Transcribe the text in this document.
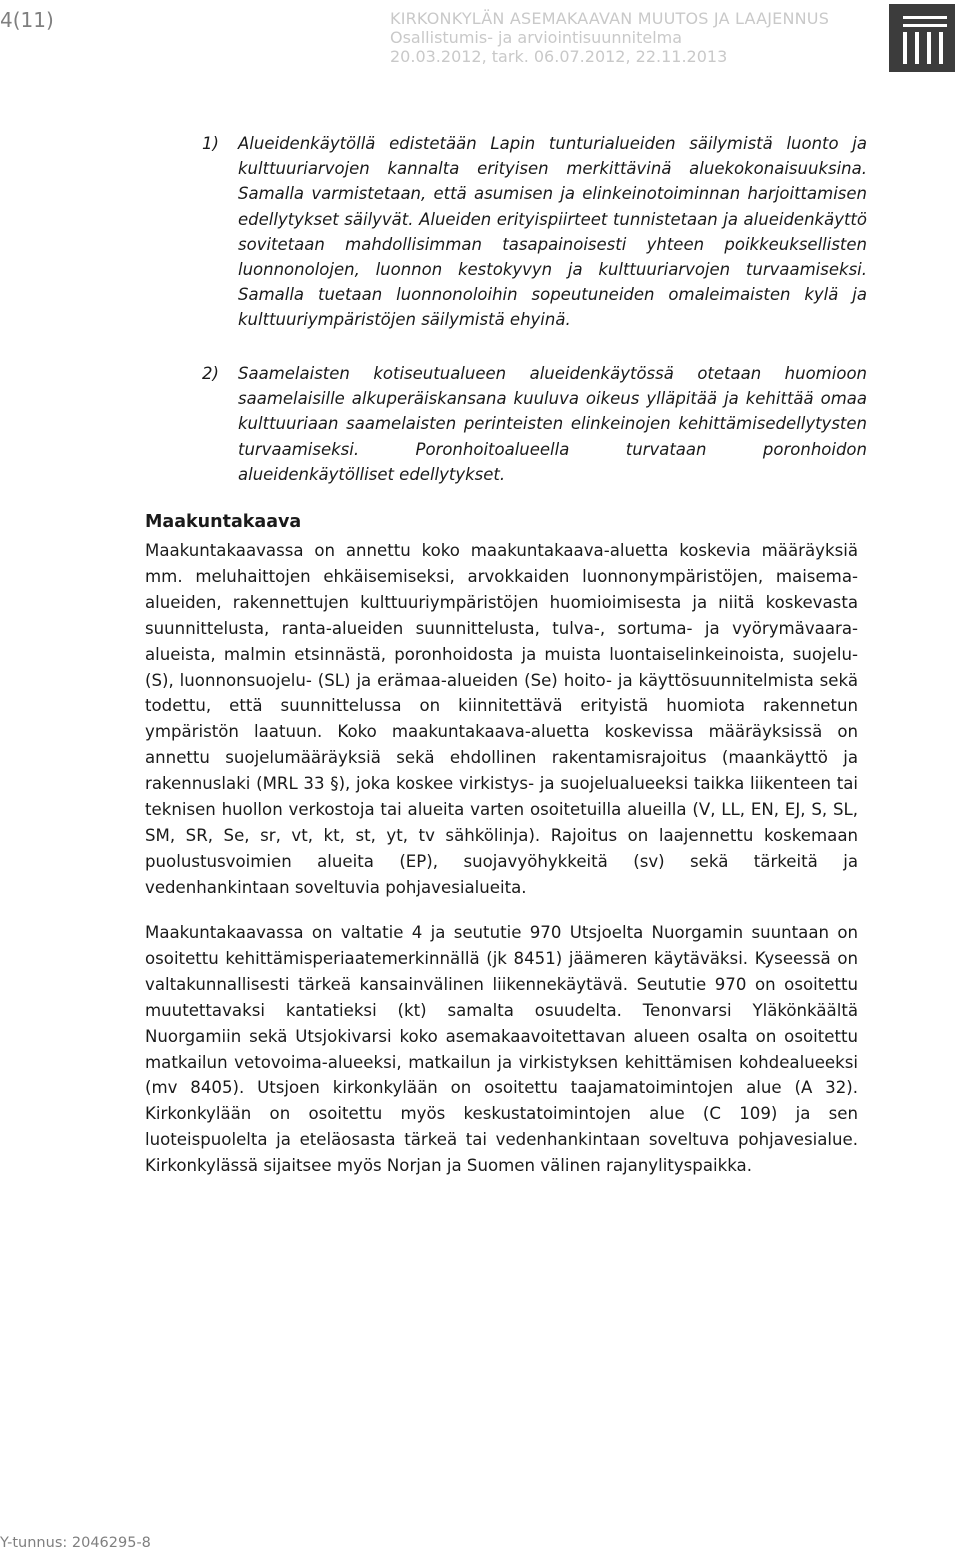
4(11)	KIRKONKYLÄN ASEMAKAAVAN MUUTOS JA LAAJENNUS
Osallistumis- ja arviointisuunnitelma
20.03.2012, tark. 06.07.2012, 22.11.2013
1)	Alueidenkäytöllä edistetään Lapin tunturialueiden säilymistä luonto ja kulttuuriarvojen kannalta erityisen merkittävinä aluekokonaisuuksina. Samalla varmistetaan, että asumisen ja elinkeinotoiminnan harjoittamisen edellytykset säilyvät. Alueiden erityispiirteet tunnistetaan ja alueidenkäyttö sovitetaan mahdollisimman tasapainoisesti yhteen poikkeuksellisten luonnonolojen, luonnon kestokyvyn ja kulttuuriarvojen turvaamiseksi. Samalla tuetaan luonnonoloihin sopeutuneiden omaleimaisten kylä ja kulttuuriympäristöjen säilymistä ehyinä.
2)	Saamelaisten kotiseutualueen alueidenkäytössä otetaan huomioon saamelaisille alkuperäiskansana kuuluva oikeus ylläpitää ja kehittää omaa kulttuuriaan saamelaisten perinteisten elinkeinojen kehittämisedellytysten turvaamiseksi. Poronhoitoalueella turvataan poronhoidon alueidenkäytölliset edellytykset.
Maakuntakaava
Maakuntakaavassa on annettu koko maakuntakaava-aluetta koskevia määräyksiä mm. meluhaittojen ehkäisemiseksi, arvokkaiden luonnonympäristöjen, maisema-alueiden, rakennettujen kulttuuriympäristöjen huomioimisesta ja niitä koskevasta suunnittelusta, ranta-alueiden suunnittelusta, tulva-, sortuma- ja vyörymävaara-alueista, malmin etsinnästä, poronhoidosta ja muista luontaiselinkeinoista, suojelu- (S), luonnonsuojelu- (SL) ja erämaa-alueiden (Se) hoito- ja käyttösuunnitelmista sekä todettu, että suunnittelussa on kiinnitettävä erityistä huomiota rakennetun ympäristön laatuun. Koko maakuntakaava-aluetta koskevissa määräyksissä on annettu suojelumääräyksiä sekä ehdollinen rakentamisrajoitus (maankäyttö ja rakennuslaki (MRL 33 §), joka koskee virkistys- ja suojelualueeksi taikka liikenteen tai teknisen huollon verkostoja tai alueita varten osoitetuilla alueilla (V, LL, EN, EJ, S, SL, SM, SR, Se, sr, vt, kt, st, yt, tv sähkölinja). Rajoitus on laajennettu koskemaan puolustusvoimien alueita (EP), suojavyöhykkeitä (sv) sekä tärkeitä ja vedenhankintaan soveltuvia pohjavesialueita.
Maakuntakaavassa on valtatie 4 ja seututie 970 Utsjoelta Nuorgamin suuntaan on osoitettu kehittämisperiaatemerkinnällä (jk 8451) jäämeren käytäväksi. Kyseessä on valtakunnallisesti tärkeä kansainvälinen liikennekäytävä. Seututie 970 on osoitettu muutettavaksi kantatieksi (kt) samalta osuudelta. Tenonvarsi Yläkönkäältä Nuorgamiin sekä Utsjokivarsi koko asemakaavoitettavan alueen osalta on osoitettu matkailun vetovoima-alueeksi, matkailun ja virkistyksen kehittämisen kohdealueeksi (mv 8405). Utsjoen kirkonkylään on osoitettu taajamatoimintojen alue (A 32). Kirkonkylään on osoitettu myös keskustatoimintojen alue (C 109) ja sen luoteispuolelta ja eteläosasta tärkeä tai vedenhankintaan soveltuva pohjavesialue. Kirkonkylässä sijaitsee myös Norjan ja Suomen välinen rajanylityspaikka.
Y-tunnus: 2046295-8
